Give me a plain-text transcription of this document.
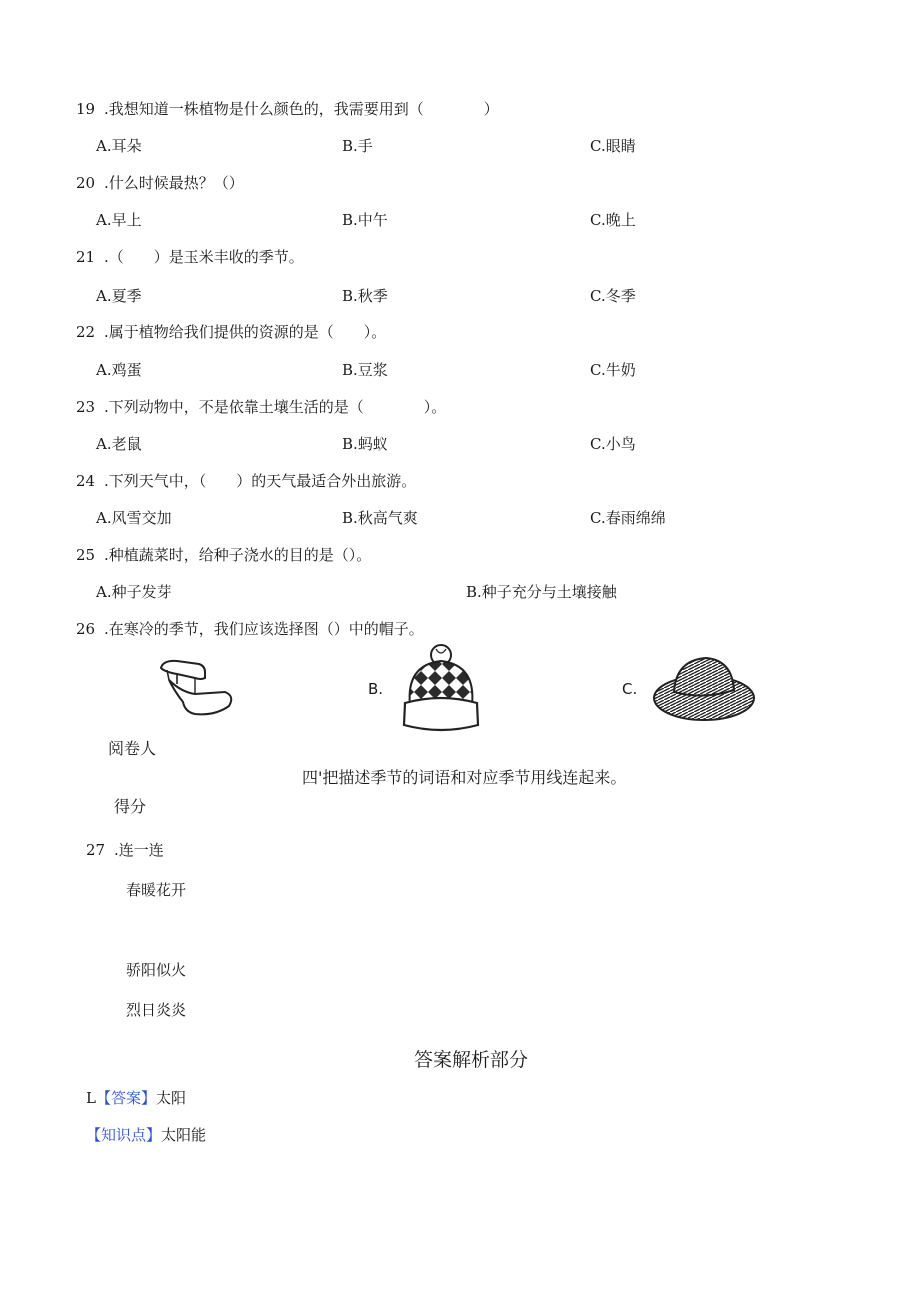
19 .我想知道一株植物是什么颜色的，我需要用到（　　　　）
A.耳朵	B.手	C.眼睛
20 .什么时候最热？（）
A.早上	B.中午	C.晚上
21 .（　　）是玉米丰收的季节。
A.夏季	B.秋季	C.冬季
22 .属于植物给我们提供的资源的是（　　）。
A.鸡蛋	B.豆浆	C.牛奶
23 .下列动物中，不是依靠土壤生活的是（　　　　）。
A.老鼠	B.蚂蚁	C.小鸟
24 .下列天气中，（　　）的天气最适合外出旅游。
A.风雪交加	B.秋高气爽	C.春雨绵绵
25 .种植蔬菜时，给种子浇水的目的是（）。
A.种子发芽	B.种子充分与土壤接触
26 .在寒冷的季节，我们应该选择图（）中的帽子。
B.	C.
阅卷人
四'把描述季节的词语和对应季节用线连起来。
得分
27 .连一连
春暖花开
骄阳似火
烈日炎炎
答案解析部分
L【答案】太阳
【知识点】太阳能
